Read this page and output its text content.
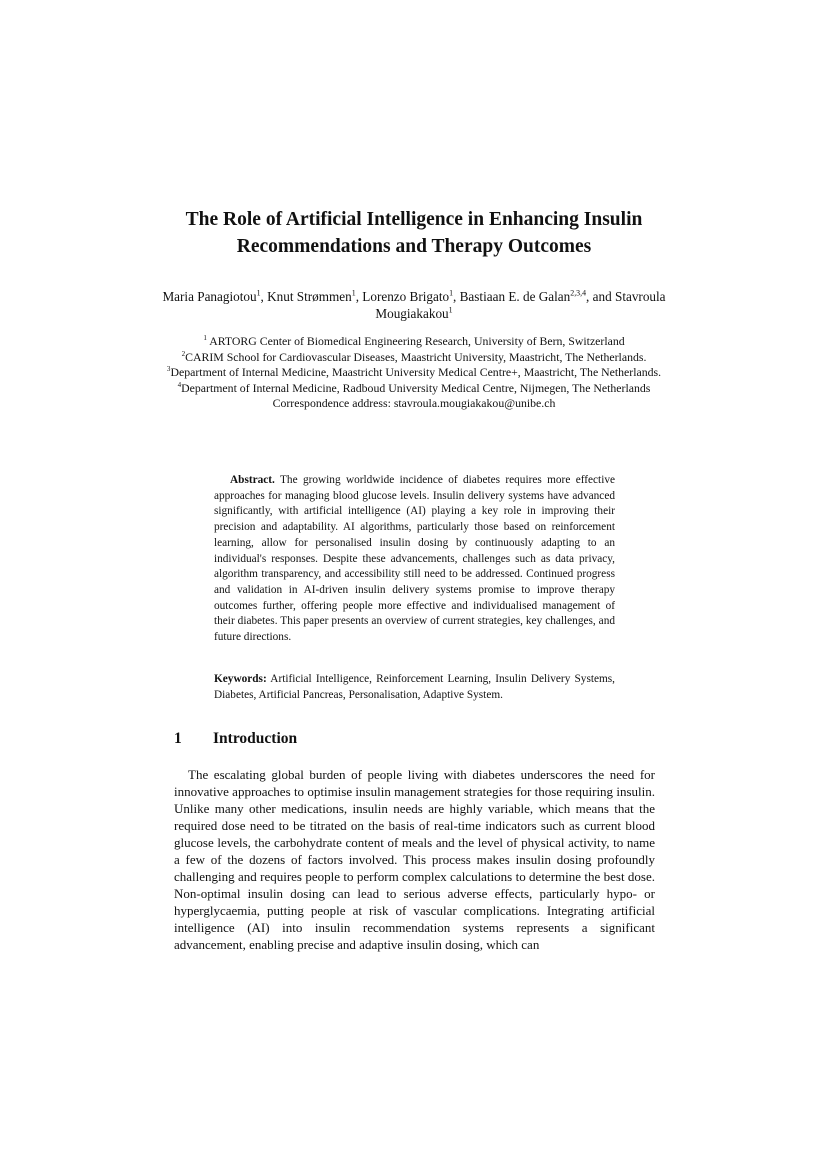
The Role of Artificial Intelligence in Enhancing Insulin Recommendations and Therapy Outcomes

Maria Panagiotou$^1$, Knut Strømmen$^1$, Lorenzo Brigato$^1$, Bastiaan E. de Galan$^{2,3,4}$, and Stavroula Mougiakakou$^1$

$^1$ ARTORG Center of Biomedical Engineering Research, University of Bern, Switzerland
$^2$CARIM School for Cardiovascular Diseases, Maastricht University, Maastricht, The Netherlands.
$^3$Department of Internal Medicine, Maastricht University Medical Centre+, Maastricht, The Netherlands.
$^4$Department of Internal Medicine, Radboud University Medical Centre, Nijmegen, The Netherlands
Correspondence address: stavroula.mougiakakou@unibe.ch

Abstract. The growing worldwide incidence of diabetes requires more effective approaches for managing blood glucose levels. Insulin delivery systems have advanced significantly, with artificial intelligence (AI) playing a key role in improving their precision and adaptability. AI algorithms, particularly those based on reinforcement learning, allow for personalised insulin dosing by continuously adapting to an individual's responses. Despite these advancements, challenges such as data privacy, algorithm transparency, and accessibility still need to be addressed. Continued progress and validation in AI-driven insulin delivery systems promise to improve therapy outcomes further, offering people more effective and individualised management of their diabetes. This paper presents an overview of current strategies, key challenges, and future directions.

Keywords: Artificial Intelligence, Reinforcement Learning, Insulin Delivery Systems, Diabetes, Artificial Pancreas, Personalisation, Adaptive System.

1 Introduction

The escalating global burden of people living with diabetes underscores the need for innovative approaches to optimise insulin management strategies for those requiring insulin. Unlike many other medications, insulin needs are highly variable, which means that the required dose need to be titrated on the basis of real-time indicators such as current blood glucose levels, the carbohydrate content of meals and the level of physical activity, to name a few of the dozens of factors involved. This process makes insulin dosing profoundly challenging and requires people to perform complex calculations to determine the best dose. Non-optimal insulin dosing can lead to serious adverse effects, particularly hypo- or hyperglycaemia, putting people at risk of vascular complications. Integrating artificial intelligence (AI) into insulin recommendation systems represents a significant advancement, enabling precise and adaptive insulin dosing, which can
